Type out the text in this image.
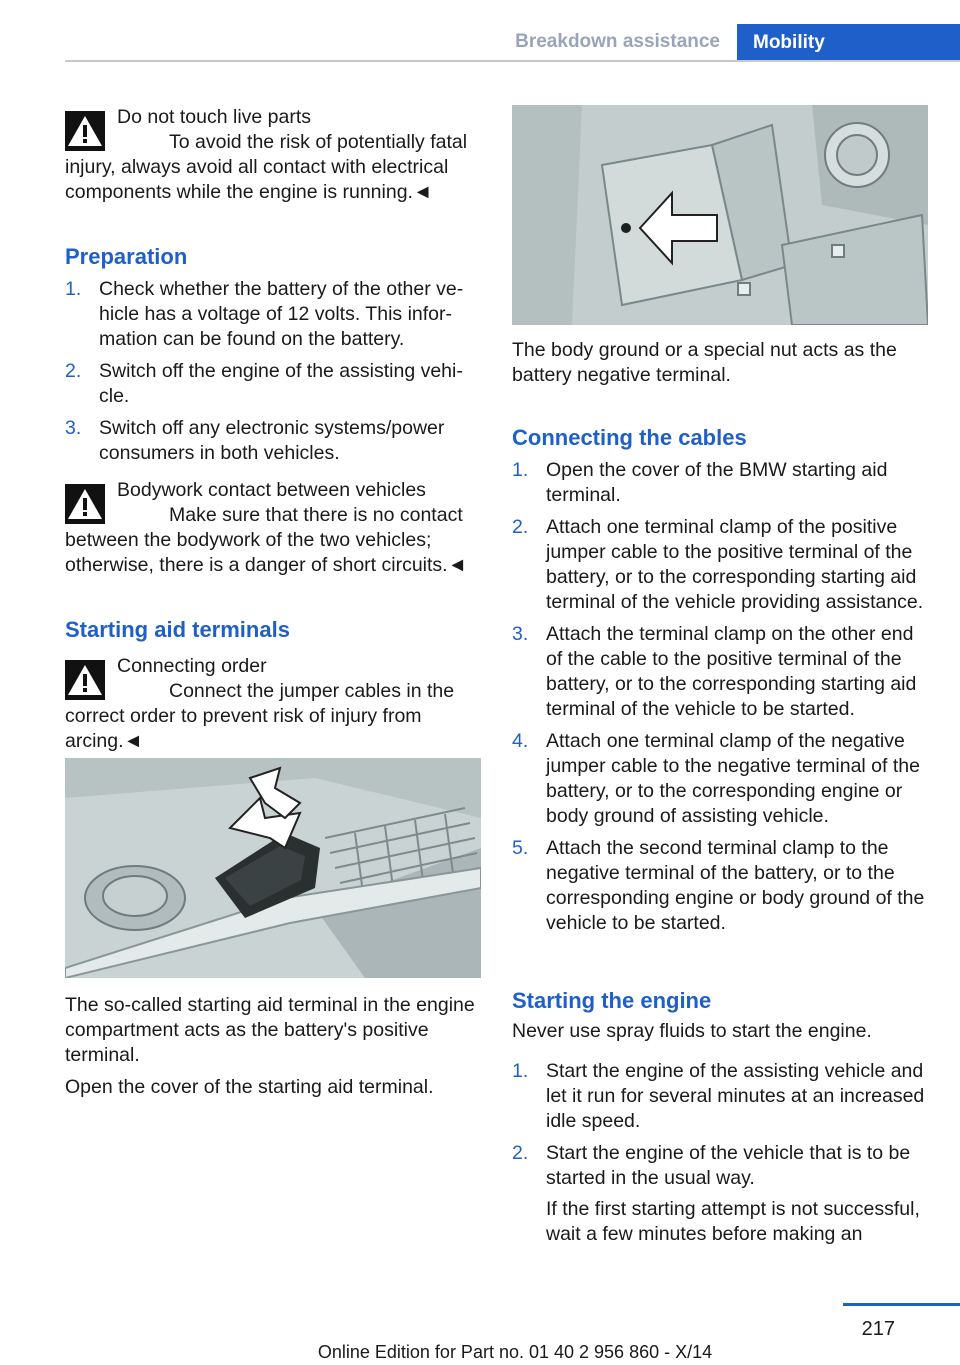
Breakdown assistance	Mobility

Do not touch live parts

To avoid the risk of potentially fatal injury, always avoid all contact with electrical components while the engine is running.◄

Preparation
1. Check whether the battery of the other vehicle has a voltage of 12 volts. This information can be found on the battery.
2. Switch off the engine of the assisting vehicle.
3. Switch off any electronic systems/power consumers in both vehicles.

Bodywork contact between vehicles

Make sure that there is no contact between the bodywork of the two vehicles; otherwise, there is a danger of short circuits.◄

Starting aid terminals

Connecting order

Connect the jumper cables in the correct order to prevent risk of injury from arcing.◄

The so-called starting aid terminal in the engine compartment acts as the battery's positive terminal.

Open the cover of the starting aid terminal.

The body ground or a special nut acts as the battery negative terminal.

Connecting the cables
1. Open the cover of the BMW starting aid terminal.
2. Attach one terminal clamp of the positive jumper cable to the positive terminal of the battery, or to the corresponding starting aid terminal of the vehicle providing assistance.
3. Attach the terminal clamp on the other end of the cable to the positive terminal of the battery, or to the corresponding starting aid terminal of the vehicle to be started.
4. Attach one terminal clamp of the negative jumper cable to the negative terminal of the battery, or to the corresponding engine or body ground of assisting vehicle.
5. Attach the second terminal clamp to the negative terminal of the battery, or to the corresponding engine or body ground of the vehicle to be started.
Starting the engine

Never use spray fluids to start the engine.

1. Start the engine of the assisting vehicle and let it run for several minutes at an increased idle speed.
2. Start the engine of the vehicle that is to be started in the usual way.

If the first starting attempt is not successful, wait a few minutes before making an

217
Online Edition for Part no. 01 40 2 956 860 - X/14
